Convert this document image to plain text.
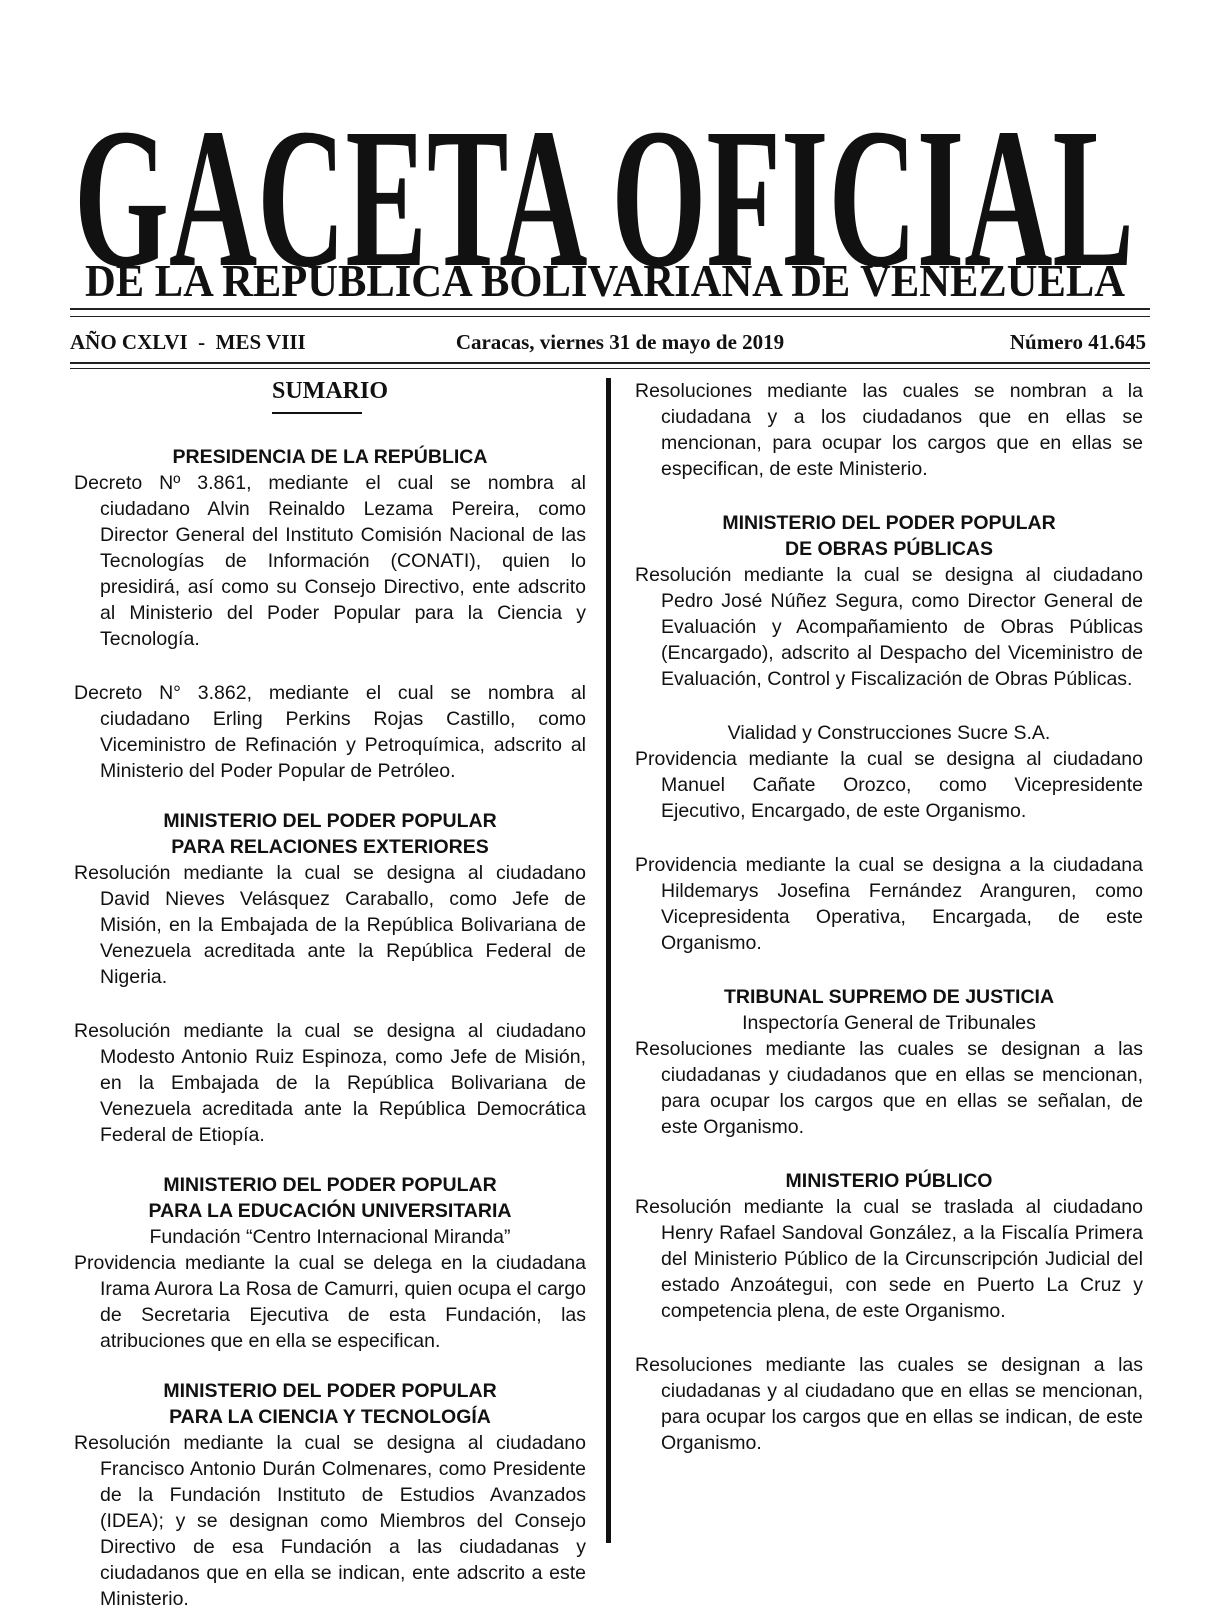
GACETA OFICIAL
DE LA REPÚBLICA BOLIVARIANA DE VENEZUELA
AÑO CXLVI  -  MES VIII	Caracas, viernes 31 de mayo de 2019	Número 41.645
SUMARIO

PRESIDENCIA DE LA REPÚBLICA

Decreto Nº 3.861, mediante el cual se nombra al ciudadano Alvin Reinaldo Lezama Pereira, como Director General del Instituto Comisión Nacional de las Tecnologías de Información (CONATI), quien lo presidirá, así como su Consejo Directivo, ente adscrito al Ministerio del Poder Popular para la Ciencia y Tecnología.

Decreto N° 3.862, mediante el cual se nombra al ciudadano Erling Perkins Rojas Castillo, como Viceministro de Refinación y Petroquímica, adscrito al Ministerio del Poder Popular de Petróleo.

MINISTERIO DEL PODER POPULAR

PARA RELACIONES EXTERIORES

Resolución mediante la cual se designa al ciudadano David Nieves Velásquez Caraballo, como Jefe de Misión, en la Embajada de la República Bolivariana de Venezuela acreditada ante la República Federal de Nigeria.

Resolución mediante la cual se designa al ciudadano Modesto Antonio Ruiz Espinoza, como Jefe de Misión, en la Embajada de la República Bolivariana de Venezuela acreditada ante la República Democrática Federal de Etiopía.

MINISTERIO DEL PODER POPULAR

PARA LA EDUCACIÓN UNIVERSITARIA

Fundación “Centro Internacional Miranda”

Providencia mediante la cual se delega en la ciudadana Irama Aurora La Rosa de Camurri, quien ocupa el cargo de Secretaria Ejecutiva de esta Fundación, las atribuciones que en ella se especifican.

MINISTERIO DEL PODER POPULAR

PARA LA CIENCIA Y TECNOLOGÍA

Resolución mediante la cual se designa al ciudadano Francisco Antonio Durán Colmenares, como Presidente de la Fundación Instituto de Estudios Avanzados (IDEA); y se designan como Miembros del Consejo Directivo de esa Fundación a las ciudadanas y ciudadanos que en ella se indican, ente adscrito a este Ministerio.

Resoluciones mediante las cuales se nombran a la ciudadana y a los ciudadanos que en ellas se mencionan, para ocupar los cargos que en ellas se especifican, de este Ministerio.

MINISTERIO DEL PODER POPULAR

DE OBRAS PÚBLICAS

Resolución mediante la cual se designa al ciudadano Pedro José Núñez Segura, como Director General de Evaluación y Acompañamiento de Obras Públicas (Encargado), adscrito al Despacho del Viceministro de Evaluación, Control y Fiscalización de Obras Públicas.

Vialidad y Construcciones Sucre S.A.

Providencia mediante la cual se designa al ciudadano Manuel Cañate Orozco, como Vicepresidente Ejecutivo, Encargado, de este Organismo.

Providencia mediante la cual se designa a la ciudadana Hildemarys Josefina Fernández Aranguren, como Vicepresidenta Operativa, Encargada, de este Organismo.

TRIBUNAL SUPREMO DE JUSTICIA

Inspectoría General de Tribunales

Resoluciones mediante las cuales se designan a las ciudadanas y ciudadanos que en ellas se mencionan, para ocupar los cargos que en ellas se señalan, de este Organismo.

MINISTERIO PÚBLICO

Resolución mediante la cual se traslada al ciudadano Henry Rafael Sandoval González, a la Fiscalía Primera del Ministerio Público de la Circunscripción Judicial del estado Anzoátegui, con sede en Puerto La Cruz y competencia plena, de este Organismo.

Resoluciones mediante las cuales se designan a las ciudadanas y al ciudadano que en ellas se mencionan, para ocupar los cargos que en ellas se indican, de este Organismo.
